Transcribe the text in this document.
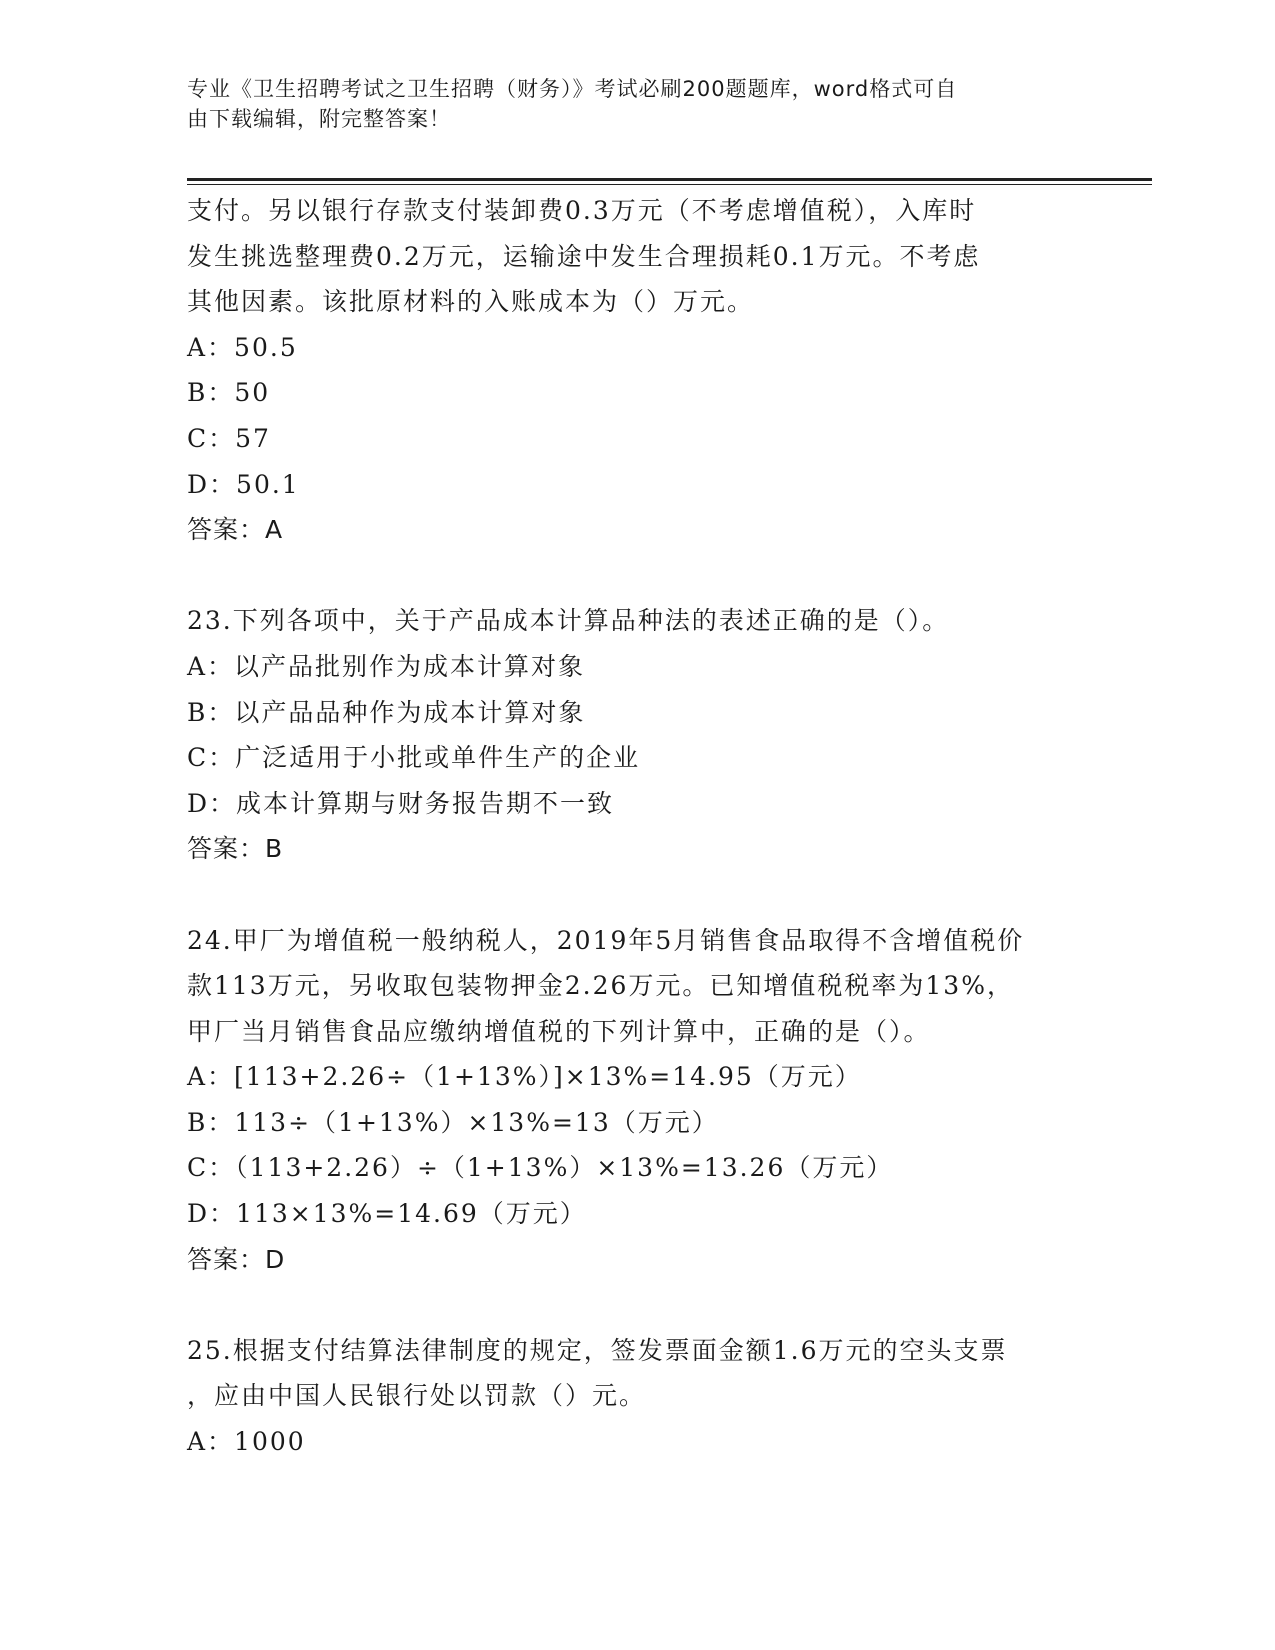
专业《卫生招聘考试之卫生招聘（财务）》考试必刷200题题库，word格式可自
由下载编辑，附完整答案！
支付。另以银行存款支付装卸费0.3万元（不考虑增值税），入库时
发生挑选整理费0.2万元，运输途中发生合理损耗0.1万元。不考虑
其他因素。该批原材料的入账成本为（）万元。
A：50.5
B：50
C：57
D：50.1
答案：A
23.下列各项中，关于产品成本计算品种法的表述正确的是（）。
A：以产品批别作为成本计算对象
B：以产品品种作为成本计算对象
C：广泛适用于小批或单件生产的企业
D：成本计算期与财务报告期不一致
答案：B
24.甲厂为增值税一般纳税人，2019年5月销售食品取得不含增值税价
款113万元，另收取包装物押金2.26万元。已知增值税税率为13%，
甲厂当月销售食品应缴纳增值税的下列计算中，正确的是（）。
A：[113+2.26÷（1+13%）]×13%=14.95（万元）
B：113÷（1+13%）×13%=13（万元）
C：（113+2.26）÷（1+13%）×13%=13.26（万元）
D：113×13%=14.69（万元）
答案：D
25.根据支付结算法律制度的规定，签发票面金额1.6万元的空头支票
，应由中国人民银行处以罚款（）元。
A：1000
